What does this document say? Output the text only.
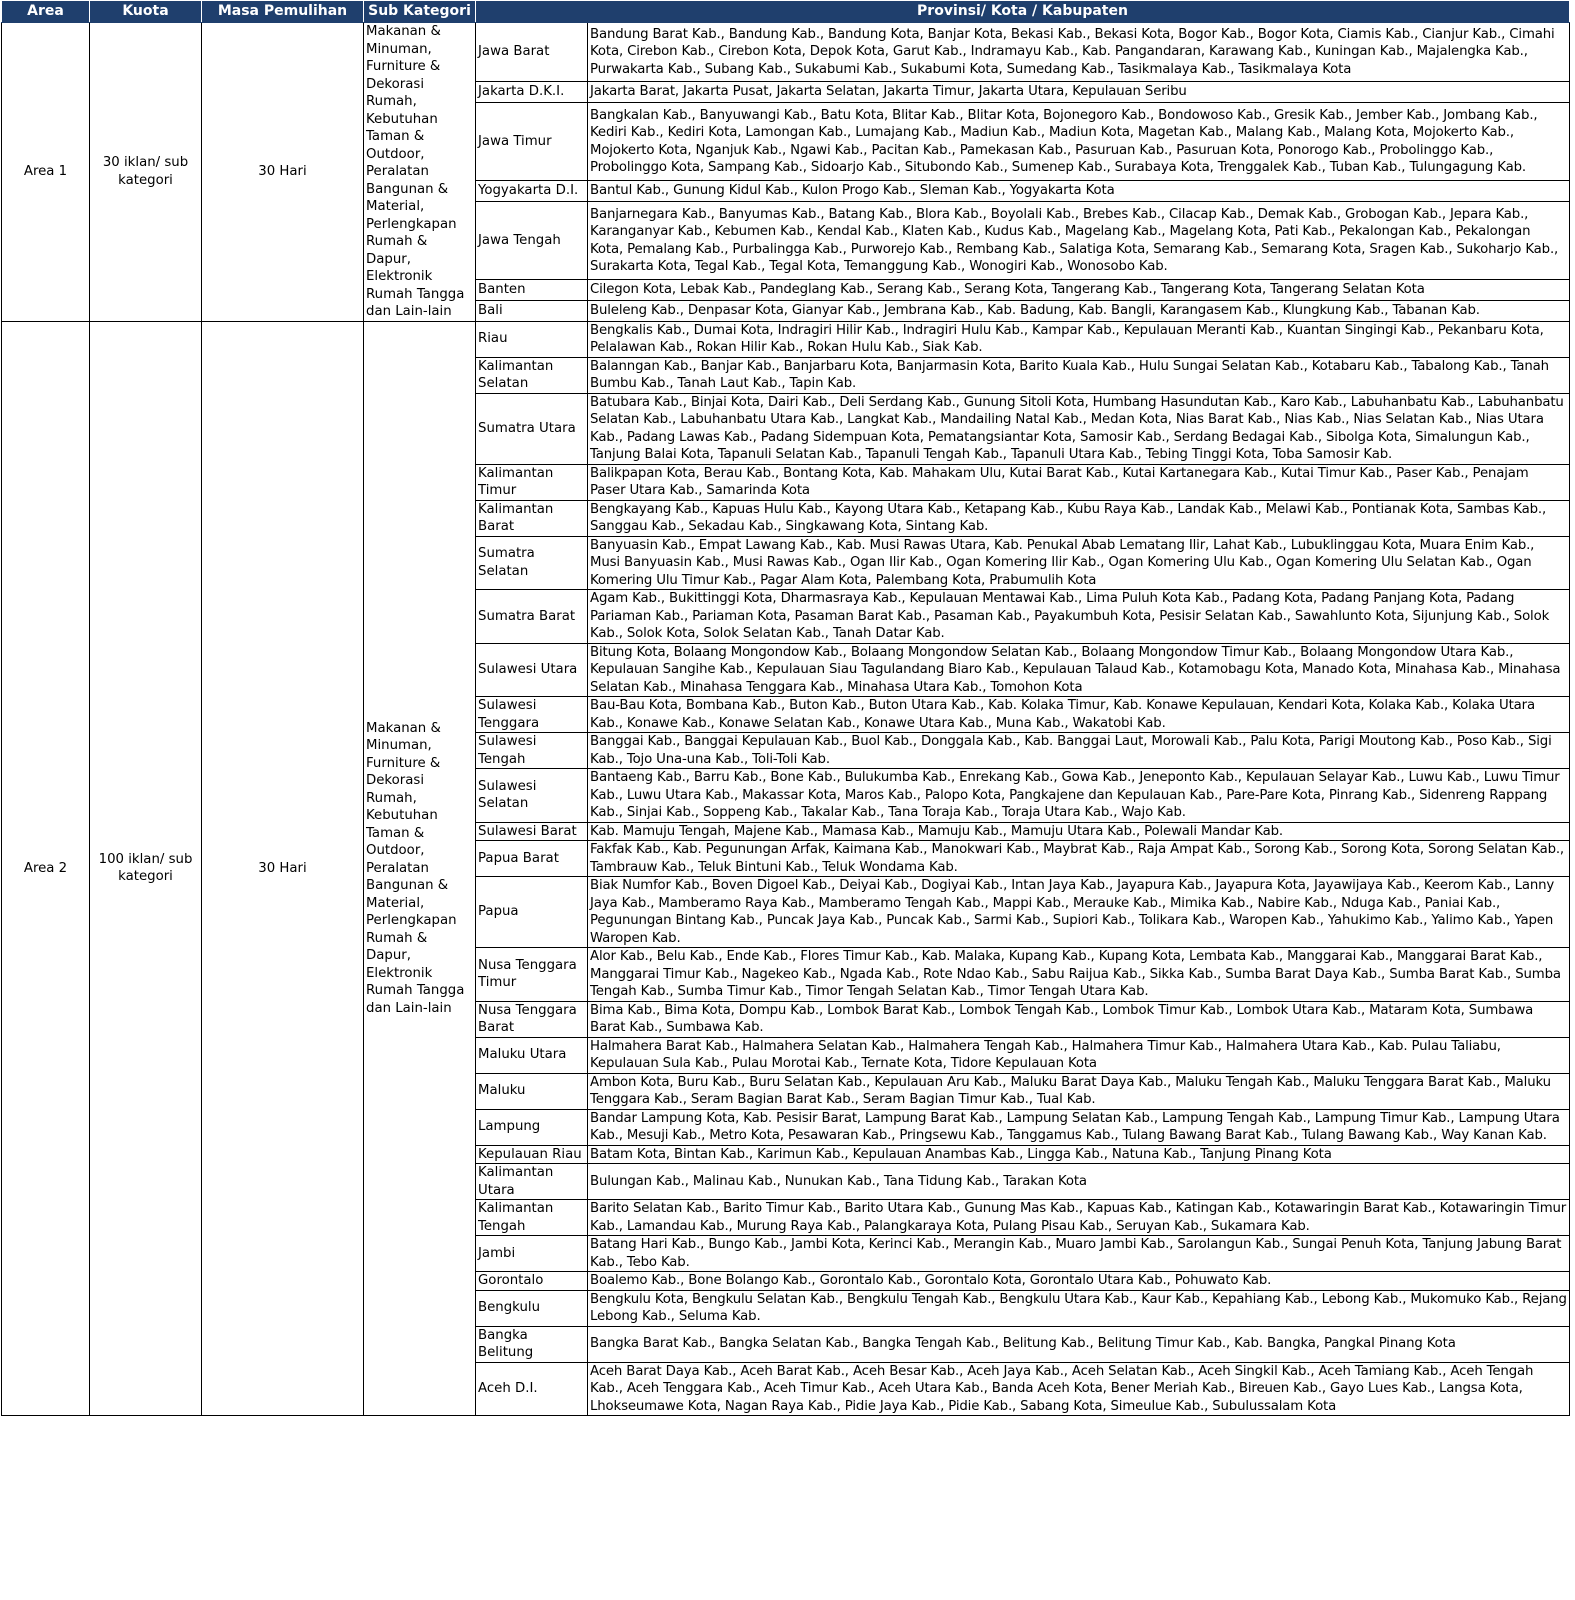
Area	Kuota	Masa Pemulihan	Sub Kategori	Provinsi/ Kota / Kabupaten	
Area 1	30 iklan/ sub kategori	30 Hari	Makanan & Minuman, Furniture & Dekorasi Rumah, Kebutuhan Taman & Outdoor, Peralatan Bangunan & Material, Perlengkapan Rumah & Dapur, Elektronik Rumah Tangga dan Lain-lain	Jawa Barat	Bandung Barat Kab., Bandung Kab., Bandung Kota, Banjar Kota, Bekasi Kab., Bekasi Kota, Bogor Kab., Bogor Kota, Ciamis Kab., Cianjur Kab., Cimahi Kota, Cirebon Kab., Cirebon Kota, Depok Kota, Garut Kab., Indramayu Kab., Kab. Pangandaran, Karawang Kab., Kuningan Kab., Majalengka Kab., Purwakarta Kab., Subang Kab., Sukabumi Kab., Sukabumi Kota, Sumedang Kab., Tasikmalaya Kab., Tasikmalaya Kota
				Jakarta D.K.I.	Jakarta Barat, Jakarta Pusat, Jakarta Selatan, Jakarta Timur, Jakarta Utara, Kepulauan Seribu
				Jawa Timur	Bangkalan Kab., Banyuwangi Kab., Batu Kota, Blitar Kab., Blitar Kota, Bojonegoro Kab., Bondowoso Kab., Gresik Kab., Jember Kab., Jombang Kab., Kediri Kab., Kediri Kota, Lamongan Kab., Lumajang Kab., Madiun Kab., Madiun Kota, Magetan Kab., Malang Kab., Malang Kota, Mojokerto Kab., Mojokerto Kota, Nganjuk Kab., Ngawi Kab., Pacitan Kab., Pamekasan Kab., Pasuruan Kab., Pasuruan Kota, Ponorogo Kab., Probolinggo Kab., Probolinggo Kota, Sampang Kab., Sidoarjo Kab., Situbondo Kab., Sumenep Kab., Surabaya Kota, Trenggalek Kab., Tuban Kab., Tulungagung Kab.
				Yogyakarta D.I.	Bantul Kab., Gunung Kidul Kab., Kulon Progo Kab., Sleman Kab., Yogyakarta Kota
				Jawa Tengah	Banjarnegara Kab., Banyumas Kab., Batang Kab., Blora Kab., Boyolali Kab., Brebes Kab., Cilacap Kab., Demak Kab., Grobogan Kab., Jepara Kab., Karanganyar Kab., Kebumen Kab., Kendal Kab., Klaten Kab., Kudus Kab., Magelang Kab., Magelang Kota, Pati Kab., Pekalongan Kab., Pekalongan Kota, Pemalang Kab., Purbalingga Kab., Purworejo Kab., Rembang Kab., Salatiga Kota, Semarang Kab., Semarang Kota, Sragen Kab., Sukoharjo Kab., Surakarta Kota, Tegal Kab., Tegal Kota, Temanggung Kab., Wonogiri Kab., Wonosobo Kab.
				Banten	Cilegon Kota, Lebak Kab., Pandeglang Kab., Serang Kab., Serang Kota, Tangerang Kab., Tangerang Kota, Tangerang Selatan Kota
				Bali	Buleleng Kab., Denpasar Kota, Gianyar Kab., Jembrana Kab., Kab. Badung, Kab. Bangli, Karangasem Kab., Klungkung Kab., Tabanan Kab.
Area 2	100 iklan/ sub kategori	30 Hari	Makanan & Minuman, Furniture & Dekorasi Rumah, Kebutuhan Taman & Outdoor, Peralatan Bangunan & Material, Perlengkapan Rumah & Dapur, Elektronik Rumah Tangga dan Lain-lain	Riau	Bengkalis Kab., Dumai Kota, Indragiri Hilir Kab., Indragiri Hulu Kab., Kampar Kab., Kepulauan Meranti Kab., Kuantan Singingi Kab., Pekanbaru Kota, Pelalawan Kab., Rokan Hilir Kab., Rokan Hulu Kab., Siak Kab.
				Kalimantan Selatan	Balanngan Kab., Banjar Kab., Banjarbaru Kota, Banjarmasin Kota, Barito Kuala Kab., Hulu Sungai Selatan Kab., Kotabaru Kab., Tabalong Kab., Tanah Bumbu Kab., Tanah Laut Kab., Tapin Kab.
				Sumatra Utara	Batubara Kab., Binjai Kota, Dairi Kab., Deli Serdang Kab., Gunung Sitoli Kota, Humbang Hasundutan Kab., Karo Kab., Labuhanbatu Kab., Labuhanbatu Selatan Kab., Labuhanbatu Utara Kab., Langkat Kab., Mandailing Natal Kab., Medan Kota, Nias Barat Kab., Nias Kab., Nias Selatan Kab., Nias Utara Kab., Padang Lawas Kab., Padang Sidempuan Kota, Pematangsiantar Kota, Samosir Kab., Serdang Bedagai Kab., Sibolga Kota, Simalungun Kab., Tanjung Balai Kota, Tapanuli Selatan Kab., Tapanuli Tengah Kab., Tapanuli Utara Kab., Tebing Tinggi Kota, Toba Samosir Kab.
				Kalimantan Timur	Balikpapan Kota, Berau Kab., Bontang Kota, Kab. Mahakam Ulu, Kutai Barat Kab., Kutai Kartanegara Kab., Kutai Timur Kab., Paser Kab., Penajam Paser Utara Kab., Samarinda Kota
				Kalimantan Barat	Bengkayang Kab., Kapuas Hulu Kab., Kayong Utara Kab., Ketapang Kab., Kubu Raya Kab., Landak Kab., Melawi Kab., Pontianak Kota, Sambas Kab., Sanggau Kab., Sekadau Kab., Singkawang Kota, Sintang Kab.
				Sumatra Selatan	Banyuasin Kab., Empat Lawang Kab., Kab. Musi Rawas Utara, Kab. Penukal Abab Lematang Ilir, Lahat Kab., Lubuklinggau Kota, Muara Enim Kab., Musi Banyuasin Kab., Musi Rawas Kab., Ogan Ilir Kab., Ogan Komering Ilir Kab., Ogan Komering Ulu Kab., Ogan Komering Ulu Selatan Kab., Ogan Komering Ulu Timur Kab., Pagar Alam Kota, Palembang Kota, Prabumulih Kota
				Sumatra Barat	Agam Kab., Bukittinggi Kota, Dharmasraya Kab., Kepulauan Mentawai Kab., Lima Puluh Kota Kab., Padang Kota, Padang Panjang Kota, Padang Pariaman Kab., Pariaman Kota, Pasaman Barat Kab., Pasaman Kab., Payakumbuh Kota, Pesisir Selatan Kab., Sawahlunto Kota, Sijunjung Kab., Solok Kab., Solok Kota, Solok Selatan Kab., Tanah Datar Kab.
				Sulawesi Utara	Bitung Kota, Bolaang Mongondow Kab., Bolaang Mongondow Selatan Kab., Bolaang Mongondow Timur Kab., Bolaang Mongondow Utara Kab., Kepulauan Sangihe Kab., Kepulauan Siau Tagulandang Biaro Kab., Kepulauan Talaud Kab., Kotamobagu Kota, Manado Kota, Minahasa Kab., Minahasa Selatan Kab., Minahasa Tenggara Kab., Minahasa Utara Kab., Tomohon Kota
				Sulawesi Tenggara	Bau-Bau Kota, Bombana Kab., Buton Kab., Buton Utara Kab., Kab. Kolaka Timur, Kab. Konawe Kepulauan, Kendari Kota, Kolaka Kab., Kolaka Utara Kab., Konawe Kab., Konawe Selatan Kab., Konawe Utara Kab., Muna Kab., Wakatobi Kab.
				Sulawesi Tengah	Banggai Kab., Banggai Kepulauan Kab., Buol Kab., Donggala Kab., Kab. Banggai Laut, Morowali Kab., Palu Kota, Parigi Moutong Kab., Poso Kab., Sigi Kab., Tojo Una-una Kab., Toli-Toli Kab.
				Sulawesi Selatan	Bantaeng Kab., Barru Kab., Bone Kab., Bulukumba Kab., Enrekang Kab., Gowa Kab., Jeneponto Kab., Kepulauan Selayar Kab., Luwu Kab., Luwu Timur Kab., Luwu Utara Kab., Makassar Kota, Maros Kab., Palopo Kota, Pangkajene dan Kepulauan Kab., Pare-Pare Kota, Pinrang Kab., Sidenreng Rappang Kab., Sinjai Kab., Soppeng Kab., Takalar Kab., Tana Toraja Kab., Toraja Utara Kab., Wajo Kab.
				Sulawesi Barat	Kab. Mamuju Tengah, Majene Kab., Mamasa Kab., Mamuju Kab., Mamuju Utara Kab., Polewali Mandar Kab.
				Papua Barat	Fakfak Kab., Kab. Pegunungan Arfak, Kaimana Kab., Manokwari Kab., Maybrat Kab., Raja Ampat Kab., Sorong Kab., Sorong Kota, Sorong Selatan Kab., Tambrauw Kab., Teluk Bintuni Kab., Teluk Wondama Kab.
				Papua	Biak Numfor Kab., Boven Digoel Kab., Deiyai Kab., Dogiyai Kab., Intan Jaya Kab., Jayapura Kab., Jayapura Kota, Jayawijaya Kab., Keerom Kab., Lanny Jaya Kab., Mamberamo Raya Kab., Mamberamo Tengah Kab., Mappi Kab., Merauke Kab., Mimika Kab., Nabire Kab., Nduga Kab., Paniai Kab., Pegunungan Bintang Kab., Puncak Jaya Kab., Puncak Kab., Sarmi Kab., Supiori Kab., Tolikara Kab., Waropen Kab., Yahukimo Kab., Yalimo Kab., Yapen Waropen Kab.
				Nusa Tenggara Timur	Alor Kab., Belu Kab., Ende Kab., Flores Timur Kab., Kab. Malaka, Kupang Kab., Kupang Kota, Lembata Kab., Manggarai Kab., Manggarai Barat Kab., Manggarai Timur Kab., Nagekeo Kab., Ngada Kab., Rote Ndao Kab., Sabu Raijua Kab., Sikka Kab., Sumba Barat Daya Kab., Sumba Barat Kab., Sumba Tengah Kab., Sumba Timur Kab., Timor Tengah Selatan Kab., Timor Tengah Utara Kab.
				Nusa Tenggara Barat	Bima Kab., Bima Kota, Dompu Kab., Lombok Barat Kab., Lombok Tengah Kab., Lombok Timur Kab., Lombok Utara Kab., Mataram Kota, Sumbawa Barat Kab., Sumbawa Kab.
				Maluku Utara	Halmahera Barat Kab., Halmahera Selatan Kab., Halmahera Tengah Kab., Halmahera Timur Kab., Halmahera Utara Kab., Kab. Pulau Taliabu, Kepulauan Sula Kab., Pulau Morotai Kab., Ternate Kota, Tidore Kepulauan Kota
				Maluku	Ambon Kota, Buru Kab., Buru Selatan Kab., Kepulauan Aru Kab., Maluku Barat Daya Kab., Maluku Tengah Kab., Maluku Tenggara Barat Kab., Maluku Tenggara Kab., Seram Bagian Barat Kab., Seram Bagian Timur Kab., Tual Kab.
				Lampung	Bandar Lampung Kota, Kab. Pesisir Barat, Lampung Barat Kab., Lampung Selatan Kab., Lampung Tengah Kab., Lampung Timur Kab., Lampung Utara Kab., Mesuji Kab., Metro Kota, Pesawaran Kab., Pringsewu Kab., Tanggamus Kab., Tulang Bawang Barat Kab., Tulang Bawang Kab., Way Kanan Kab.
				Kepulauan Riau	Batam Kota, Bintan Kab., Karimun Kab., Kepulauan Anambas Kab., Lingga Kab., Natuna Kab., Tanjung Pinang Kota
				Kalimantan Utara	Bulungan Kab., Malinau Kab., Nunukan Kab., Tana Tidung Kab., Tarakan Kota
				Kalimantan Tengah	Barito Selatan Kab., Barito Timur Kab., Barito Utara Kab., Gunung Mas Kab., Kapuas Kab., Katingan Kab., Kotawaringin Barat Kab., Kotawaringin Timur Kab., Lamandau Kab., Murung Raya Kab., Palangkaraya Kota, Pulang Pisau Kab., Seruyan Kab., Sukamara Kab.
				Jambi	Batang Hari Kab., Bungo Kab., Jambi Kota, Kerinci Kab., Merangin Kab., Muaro Jambi Kab., Sarolangun Kab., Sungai Penuh Kota, Tanjung Jabung Barat Kab., Tebo Kab.
				Gorontalo	Boalemo Kab., Bone Bolango Kab., Gorontalo Kab., Gorontalo Kota, Gorontalo Utara Kab., Pohuwato Kab.
				Bengkulu	Bengkulu Kota, Bengkulu Selatan Kab., Bengkulu Tengah Kab., Bengkulu Utara Kab., Kaur Kab., Kepahiang Kab., Lebong Kab., Mukomuko Kab., Rejang Lebong Kab., Seluma Kab.
				Bangka Belitung	Bangka Barat Kab., Bangka Selatan Kab., Bangka Tengah Kab., Belitung Kab., Belitung Timur Kab., Kab. Bangka, Pangkal Pinang Kota
				Aceh D.I.	Aceh Barat Daya Kab., Aceh Barat Kab., Aceh Besar Kab., Aceh Jaya Kab., Aceh Selatan Kab., Aceh Singkil Kab., Aceh Tamiang Kab., Aceh Tengah Kab., Aceh Tenggara Kab., Aceh Timur Kab., Aceh Utara Kab., Banda Aceh Kota, Bener Meriah Kab., Bireuen Kab., Gayo Lues Kab., Langsa Kota, Lhokseumawe Kota, Nagan Raya Kab., Pidie Jaya Kab., Pidie Kab., Sabang Kota, Simeulue Kab., Subulussalam Kota
